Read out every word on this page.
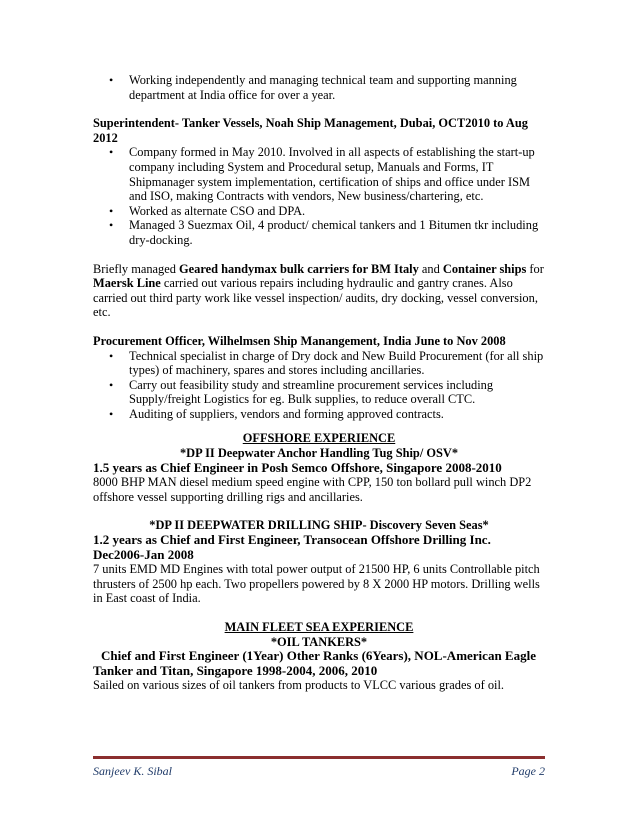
• Working independently and managing technical team and supporting manning department at India office for over a year.
Superintendent- Tanker Vessels, Noah Ship Management, Dubai, OCT2010 to Aug 2012
• Company formed in May 2010. Involved in all aspects of establishing the start-up company including System and Procedural setup, Manuals and Forms, IT Shipmanager system implementation, certification of ships and office under ISM and ISO, making Contracts with vendors, New business/chartering, etc.
• Worked as alternate CSO and DPA.
• Managed 3 Suezmax Oil, 4 product/ chemical tankers and 1 Bitumen tkr including dry-docking.
Briefly managed Geared handymax bulk carriers for BM Italy and Container ships for Maersk Line carried out various repairs including hydraulic and gantry cranes. Also carried out third party work like vessel inspection/ audits, dry docking, vessel conversion, etc.
Procurement Officer, Wilhelmsen Ship Manangement, India June to Nov 2008
• Technical specialist in charge of Dry dock and New Build Procurement (for all ship types) of machinery, spares and stores including ancillaries.
• Carry out feasibility study and streamline procurement services including Supply/freight Logistics for eg. Bulk supplies, to reduce overall CTC.
• Auditing of suppliers, vendors and forming approved contracts.
OFFSHORE EXPERIENCE
*DP II Deepwater Anchor Handling Tug Ship/ OSV*
1.5 years as Chief Engineer in Posh Semco Offshore, Singapore 2008-2010
8000 BHP MAN diesel medium speed engine with CPP, 150 ton bollard pull winch DP2 offshore vessel supporting drilling rigs and ancillaries.
*DP II DEEPWATER DRILLING SHIP- Discovery Seven Seas*
1.2 years as Chief and First Engineer, Transocean Offshore Drilling Inc. Dec2006-Jan 2008
7 units EMD MD Engines with total power output of 21500 HP, 6 units Controllable pitch thrusters of 2500 hp each. Two propellers powered by 8 X 2000 HP motors. Drilling wells in East coast of India.
MAIN FLEET SEA EXPERIENCE
*OIL TANKERS*
Chief and First Engineer (1Year) Other Ranks (6Years), NOL-American Eagle Tanker and Titan, Singapore 1998-2004, 2006, 2010
Sailed on various sizes of oil tankers from products to VLCC various grades of oil.
Sanjeev K. Sibal	Page 2
